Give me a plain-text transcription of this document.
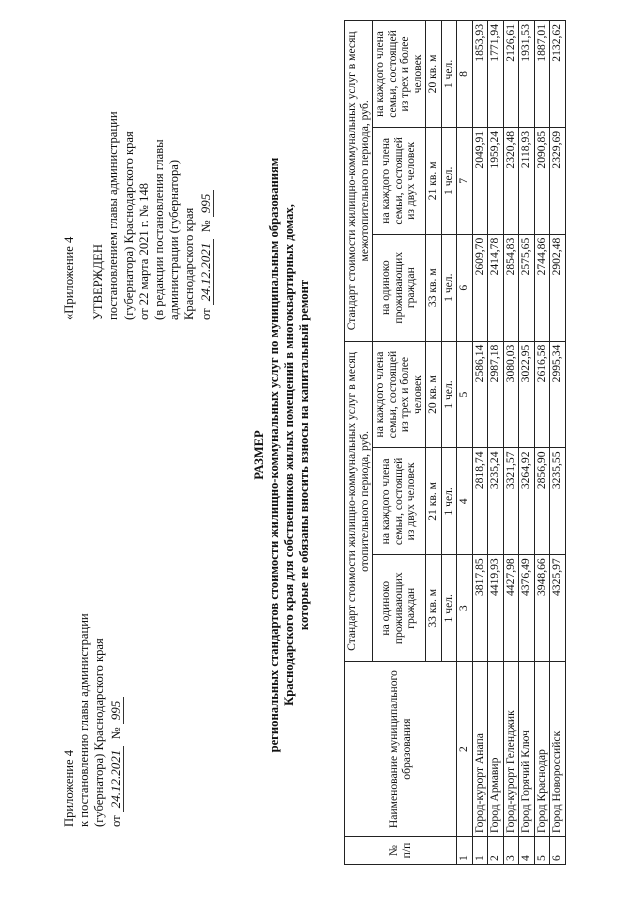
Приложение 4 к постановлению главы администрации (губернатора) Краснодарского края от 24.12.2021  № 995
«Приложение 4 УТВЕРЖДЕН постановлением главы администрации (губернатора) Краснодарского края от 22 марта 2021 г. № 148 (в редакции постановления главы администрации (губернатора) Краснодарского края от 24.12.2021  № 995
РАЗМЕР региональных стандартов стоимости жилищно-коммунальных услуг по муниципальным образованиям Краснодарского края для собственников жилых помещений в многоквартирных домах, которые не обязаны вносить взносы на капитальный ремонт
№ п/п	Наименование муниципального образования	Стандарт стоимости жилищно-коммунальных услуг в месяц отопительного периода, руб.			Стандарт стоимости жилищно-коммунальных услуг в месяц межотопительного периода, руб.		
		на одиноко проживающих граждан	на каждого члена семьи, состоящей из двух человек	на каждого члена семьи, состоящей из трех и более человек	на одиноко проживающих граждан	на каждого члена семьи, состоящей из двух человек	на каждого члена семьи, состоящей из трех и более человек
		33 кв. м	21 кв. м	20 кв. м	33 кв. м	21 кв. м	20 кв. м
		1 чел.	1 чел.	1 чел.	1 чел.	1 чел.	1 чел.
1	2	3	4	5	6	7	8
1	Город-курорт Анапа	3817,85	2818,74	2586,14	2609,70	2049,91	1853,93
2	Город Армавир	4419,93	3235,24	2987,18	2414,78	1959,24	1771,94
3	Город-курорт Геленджик	4427,98	3321,57	3080,03	2854,83	2320,48	2126,61
4	Город Горячий Ключ	4376,49	3264,92	3022,95	2575,65	2118,93	1931,53
5	Город Краснодар	3948,66	2856,90	2616,58	2744,86	2090,85	1887,01
6	Город Новороссийск	4325,97	3235,55	2995,34	2902,48	2329,69	2132,62
